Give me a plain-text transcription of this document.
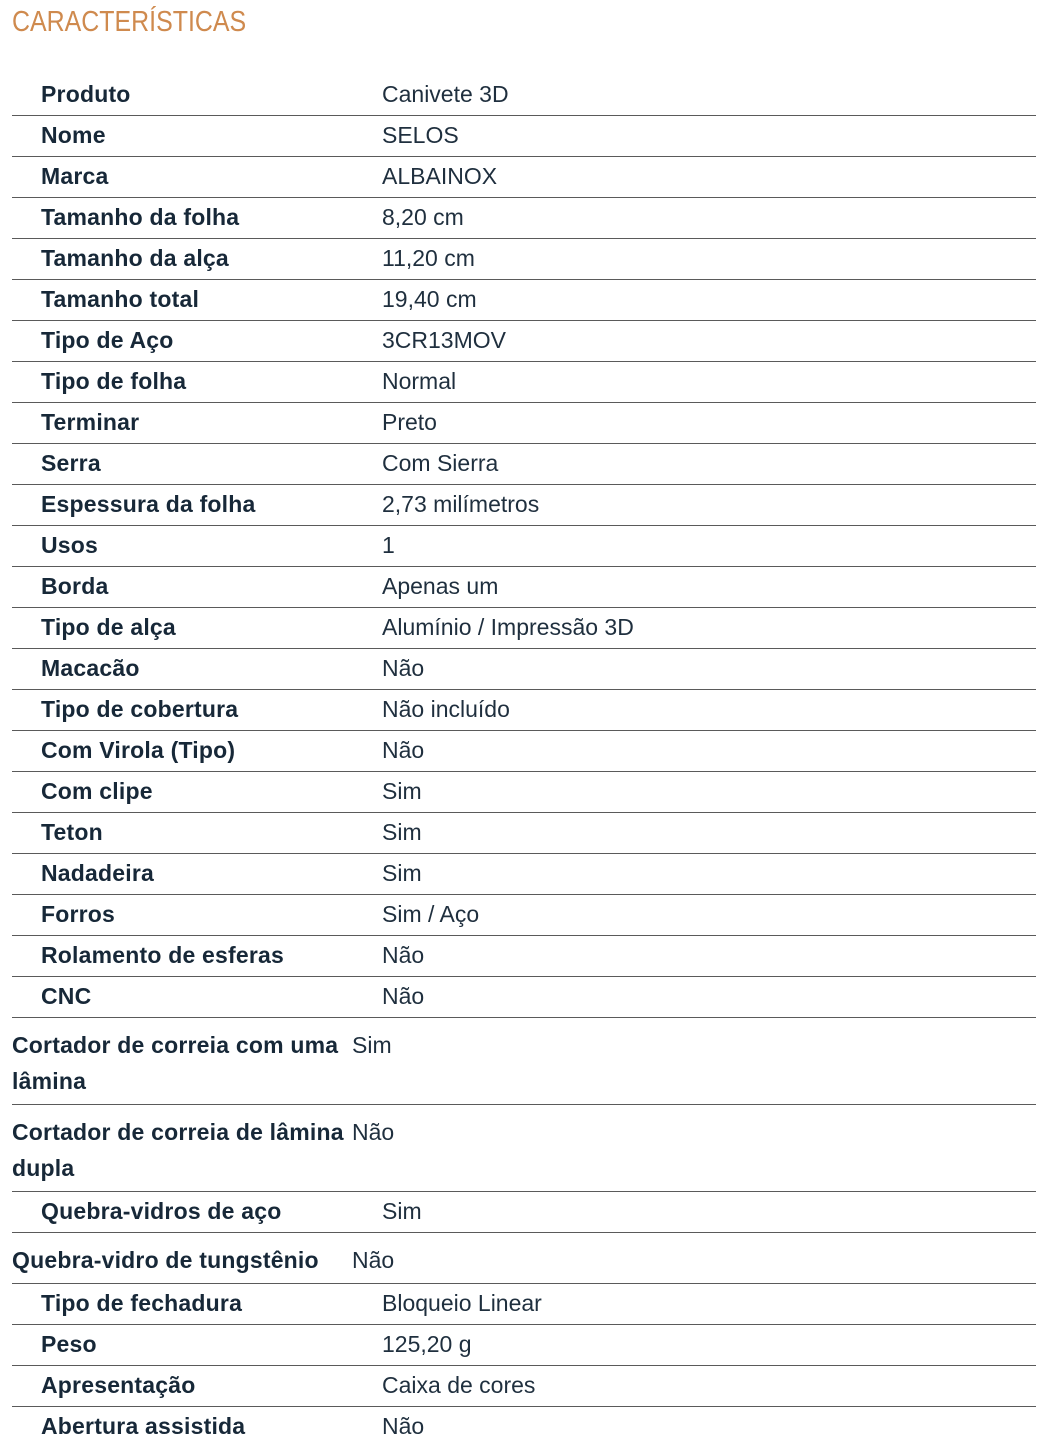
CARACTERÍSTICAS
Produto	Canivete 3D
Nome	SELOS
Marca	ALBAINOX
Tamanho da folha	8,20 cm
Tamanho da alça	11,20 cm
Tamanho total	19,40 cm
Tipo de Aço	3CR13MOV
Tipo de folha	Normal
Terminar	Preto
Serra	Com Sierra
Espessura da folha	2,73 milímetros
Usos	1
Borda	Apenas um
Tipo de alça	Alumínio / Impressão 3D
Macacão	Não
Tipo de cobertura	Não incluído
Com Virola (Tipo)	Não
Com clipe	Sim
Teton	Sim
Nadadeira	Sim
Forros	Sim / Aço
Rolamento de esferas	Não
CNC	Não
Cortador de correia com uma lâmina	Sim
Cortador de correia de lâmina dupla	Não
Quebra-vidros de aço	Sim
Quebra-vidro de tungstênio	Não
Tipo de fechadura	Bloqueio Linear
Peso	125,20 g
Apresentação	Caixa de cores
Abertura assistida	Não
